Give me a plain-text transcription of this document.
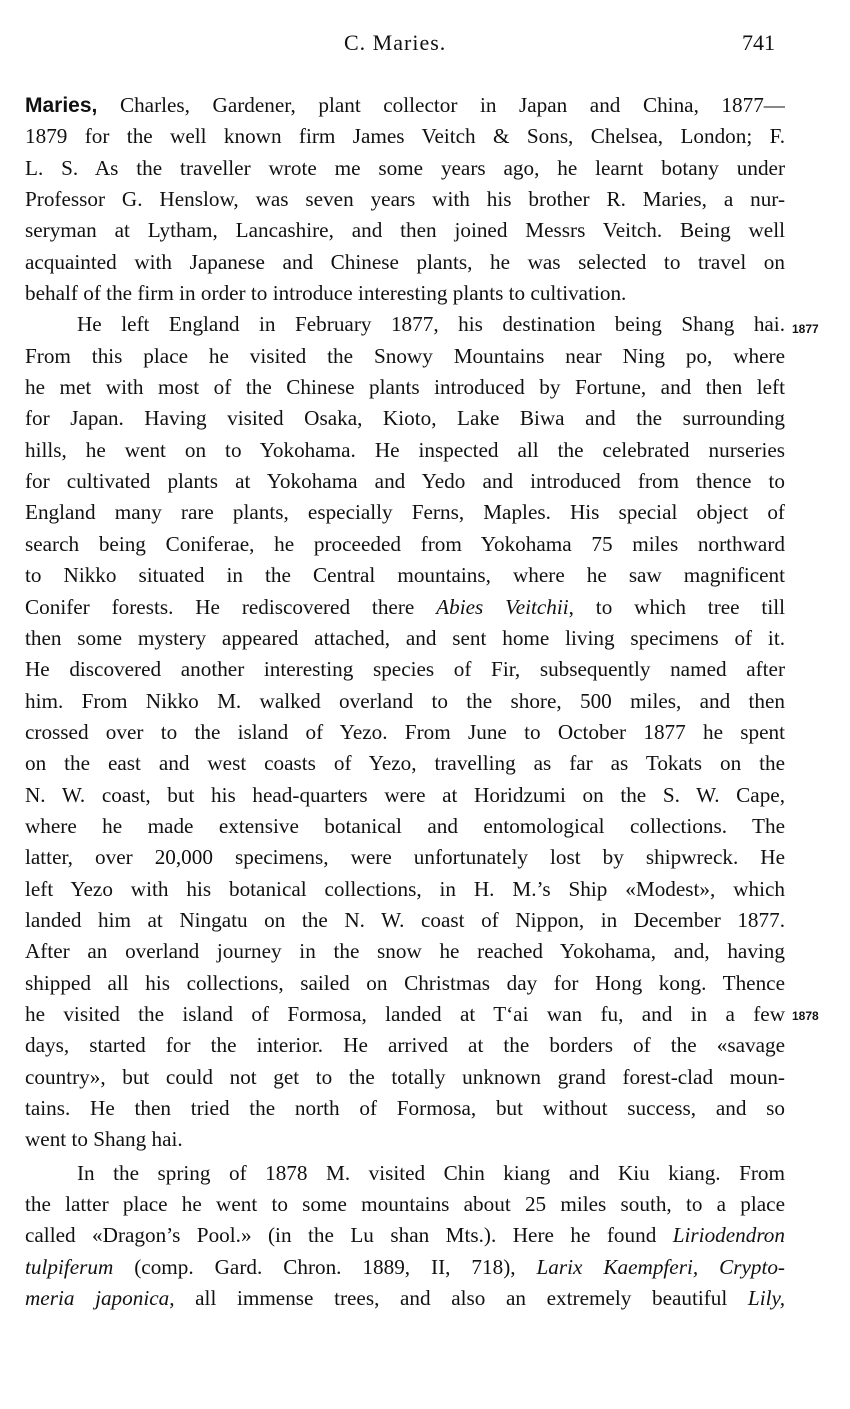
C. Maries.	741
1877
1878
Maries, Charles, Gardener, plant collector in Japan and China, 1877—
1879 for the well known firm James Veitch & Sons, Chelsea, London; F.
L. S. As the traveller wrote me some years ago, he learnt botany under
Professor G. Henslow, was seven years with his brother R. Maries, a nur-
seryman at Lytham, Lancashire, and then joined Messrs Veitch. Being well
acquainted with Japanese and Chinese plants, he was selected to travel on
behalf of the firm in order to introduce interesting plants to cultivation.
He left England in February 1877, his destination being Shang hai.
From this place he visited the Snowy Mountains near Ning po, where
he met with most of the Chinese plants introduced by Fortune, and then left
for Japan. Having visited Osaka, Kioto, Lake Biwa and the surrounding
hills, he went on to Yokohama. He inspected all the celebrated nurseries
for cultivated plants at Yokohama and Yedo and introduced from thence to
England many rare plants, especially Ferns, Maples. His special object of
search being Coniferae, he proceeded from Yokohama 75 miles northward
to Nikko situated in the Central mountains, where he saw magnificent
Conifer forests. He rediscovered there Abies Veitchii, to which tree till
then some mystery appeared attached, and sent home living specimens of it.
He discovered another interesting species of Fir, subsequently named after
him. From Nikko M. walked overland to the shore, 500 miles, and then
crossed over to the island of Yezo. From June to October 1877 he spent
on the east and west coasts of Yezo, travelling as far as Tokats on the
N. W. coast, but his head-quarters were at Horidzumi on the S. W. Cape,
where he made extensive botanical and entomological collections. The
latter, over 20,000 specimens, were unfortunately lost by shipwreck. He
left Yezo with his botanical collections, in H. M.’s Ship «Modest», which
landed him at Ningatu on the N. W. coast of Nippon, in December 1877.
After an overland journey in the snow he reached Yokohama, and, having
shipped all his collections, sailed on Christmas day for Hong kong. Thence
he visited the island of Formosa, landed at T‘ai wan fu, and in a few
days, started for the interior. He arrived at the borders of the «savage
country», but could not get to the totally unknown grand forest-clad moun-
tains. He then tried the north of Formosa, but without success, and so
went to Shang hai.
In the spring of 1878 M. visited Chin kiang and Kiu kiang. From
the latter place he went to some mountains about 25 miles south, to a place
called «Dragon’s Pool.» (in the Lu shan Mts.). Here he found Liriodendron
tulpiferum (comp. Gard. Chron. 1889, II, 718), Larix Kaempferi, Crypto-
meria japonica, all immense trees, and also an extremely beautiful Lily,
